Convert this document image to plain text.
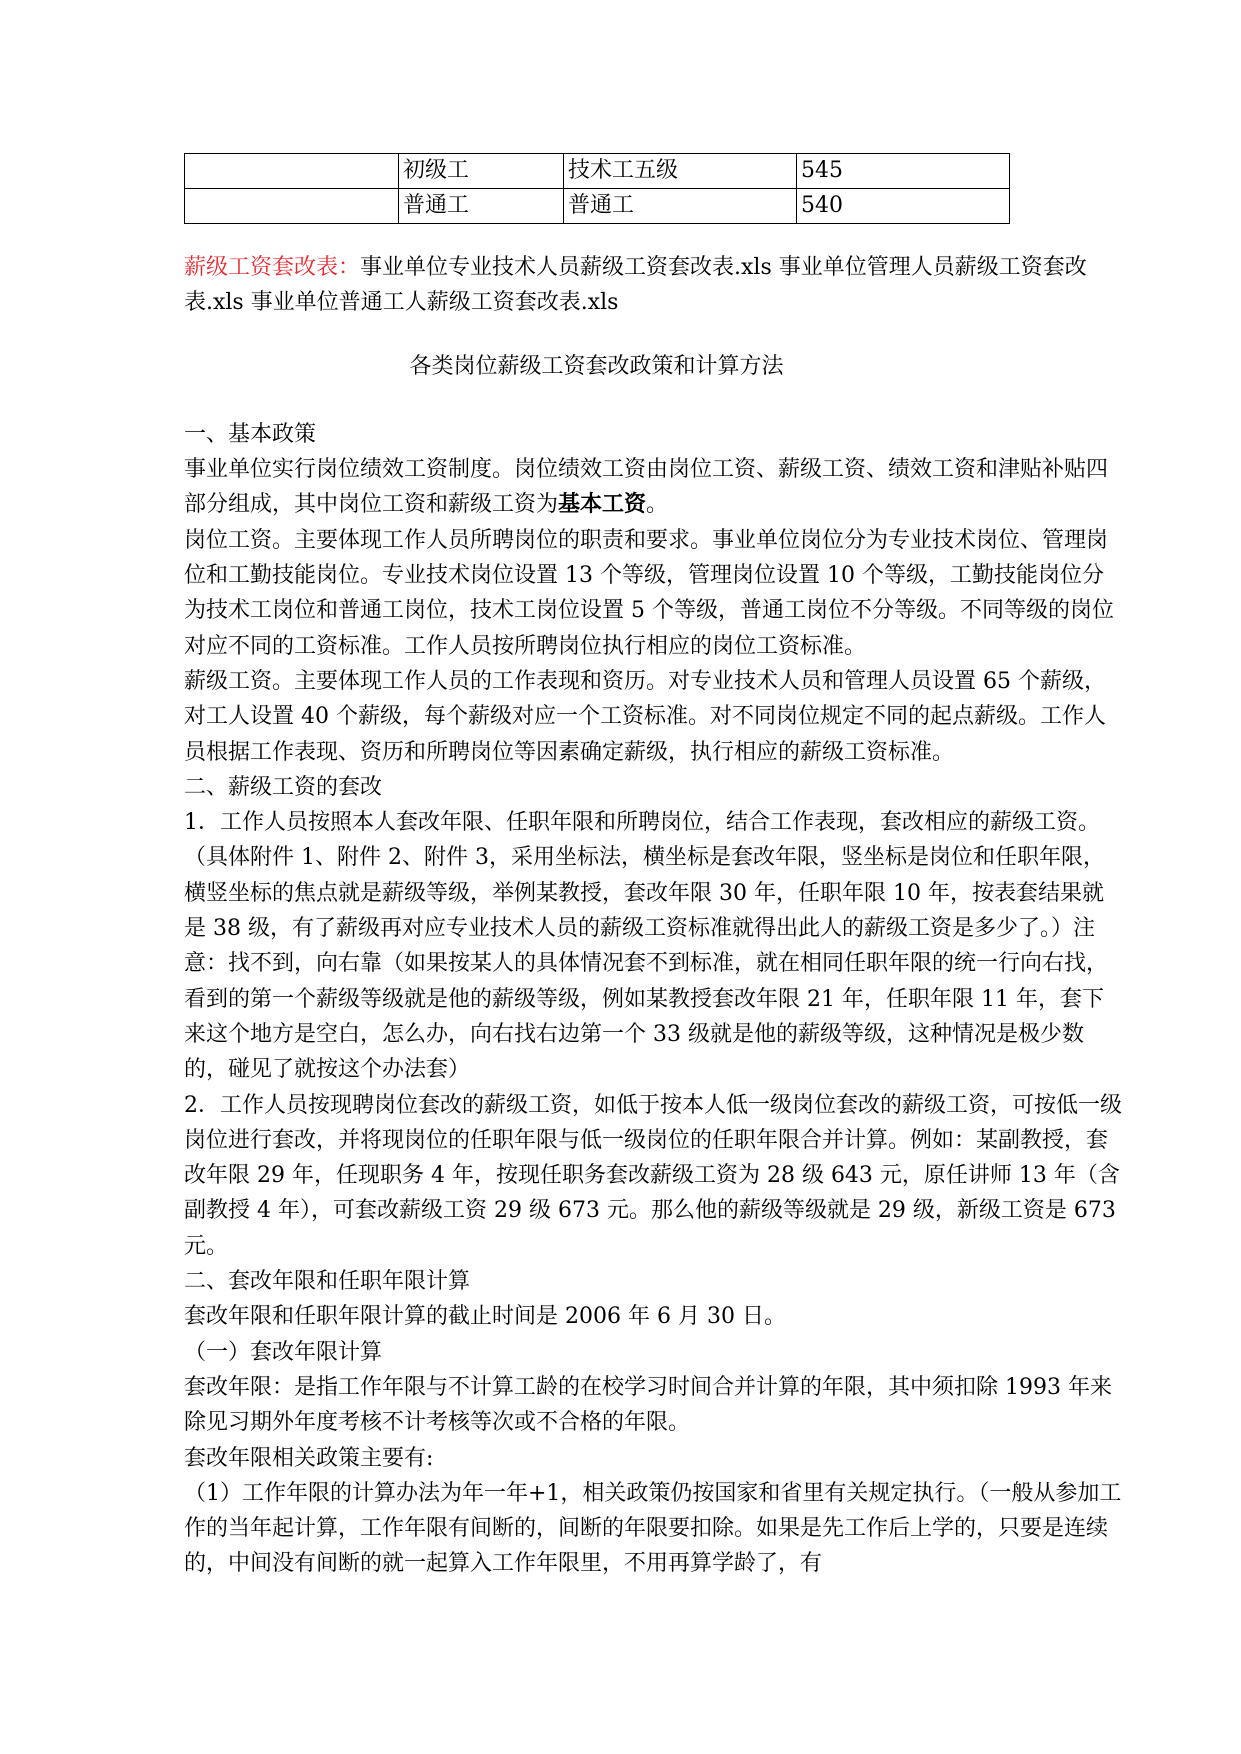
	初级工	技术工五级	545
	普通工	普通工	540

薪级工资套改表：事业单位专业技术人员薪级工资套改表.xls 事业单位管理人员薪级工资套改表.xls 事业单位普通工人薪级工资套改表.xls

各类岗位薪级工资套改政策和计算方法

一、基本政策

事业单位实行岗位绩效工资制度。岗位绩效工资由岗位工资、薪级工资、绩效工资和津贴补贴四部分组成，其中岗位工资和薪级工资为基本工资。

岗位工资。主要体现工作人员所聘岗位的职责和要求。事业单位岗位分为专业技术岗位、管理岗位和工勤技能岗位。专业技术岗位设置 13 个等级，管理岗位设置 10 个等级，工勤技能岗位分为技术工岗位和普通工岗位，技术工岗位设置 5 个等级，普通工岗位不分等级。不同等级的岗位对应不同的工资标准。工作人员按所聘岗位执行相应的岗位工资标准。

薪级工资。主要体现工作人员的工作表现和资历。对专业技术人员和管理人员设置 65 个薪级，对工人设置 40 个薪级，每个薪级对应一个工资标准。对不同岗位规定不同的起点薪级。工作人员根据工作表现、资历和所聘岗位等因素确定薪级，执行相应的薪级工资标准。

二、薪级工资的套改

1．工作人员按照本人套改年限、任职年限和所聘岗位，结合工作表现，套改相应的薪级工资。

（具体附件 1、附件 2、附件 3，采用坐标法，横坐标是套改年限，竖坐标是岗位和任职年限，横竖坐标的焦点就是薪级等级，举例某教授，套改年限 30 年，任职年限 10 年，按表套结果就是 38 级，有了薪级再对应专业技术人员的薪级工资标准就得出此人的薪级工资是多少了。）注意：找不到，向右靠（如果按某人的具体情况套不到标准，就在相同任职年限的统一行向右找，看到的第一个薪级等级就是他的薪级等级，例如某教授套改年限 21 年，任职年限 11 年，套下来这个地方是空白，怎么办，向右找右边第一个 33 级就是他的薪级等级，这种情况是极少数的，碰见了就按这个办法套）

2．工作人员按现聘岗位套改的薪级工资，如低于按本人低一级岗位套改的薪级工资，可按低一级岗位进行套改，并将现岗位的任职年限与低一级岗位的任职年限合并计算。例如：某副教授，套改年限 29 年，任现职务 4 年，按现任职务套改薪级工资为 28 级 643 元，原任讲师 13 年（含副教授 4 年），可套改薪级工资 29 级 673 元。那么他的薪级等级就是 29 级，新级工资是 673 元。

二、套改年限和任职年限计算

套改年限和任职年限计算的截止时间是 2006 年 6 月 30 日。

（一）套改年限计算

套改年限：是指工作年限与不计算工龄的在校学习时间合并计算的年限，其中须扣除 1993 年来除见习期外年度考核不计考核等次或不合格的年限。

套改年限相关政策主要有:

（1）工作年限的计算办法为年一年+1，相关政策仍按国家和省里有关规定执行。（一般从参加工作的当年起计算，工作年限有间断的，间断的年限要扣除。如果是先工作后上学的，只要是连续的，中间没有间断的就一起算入工作年限里，不用再算学龄了，有
